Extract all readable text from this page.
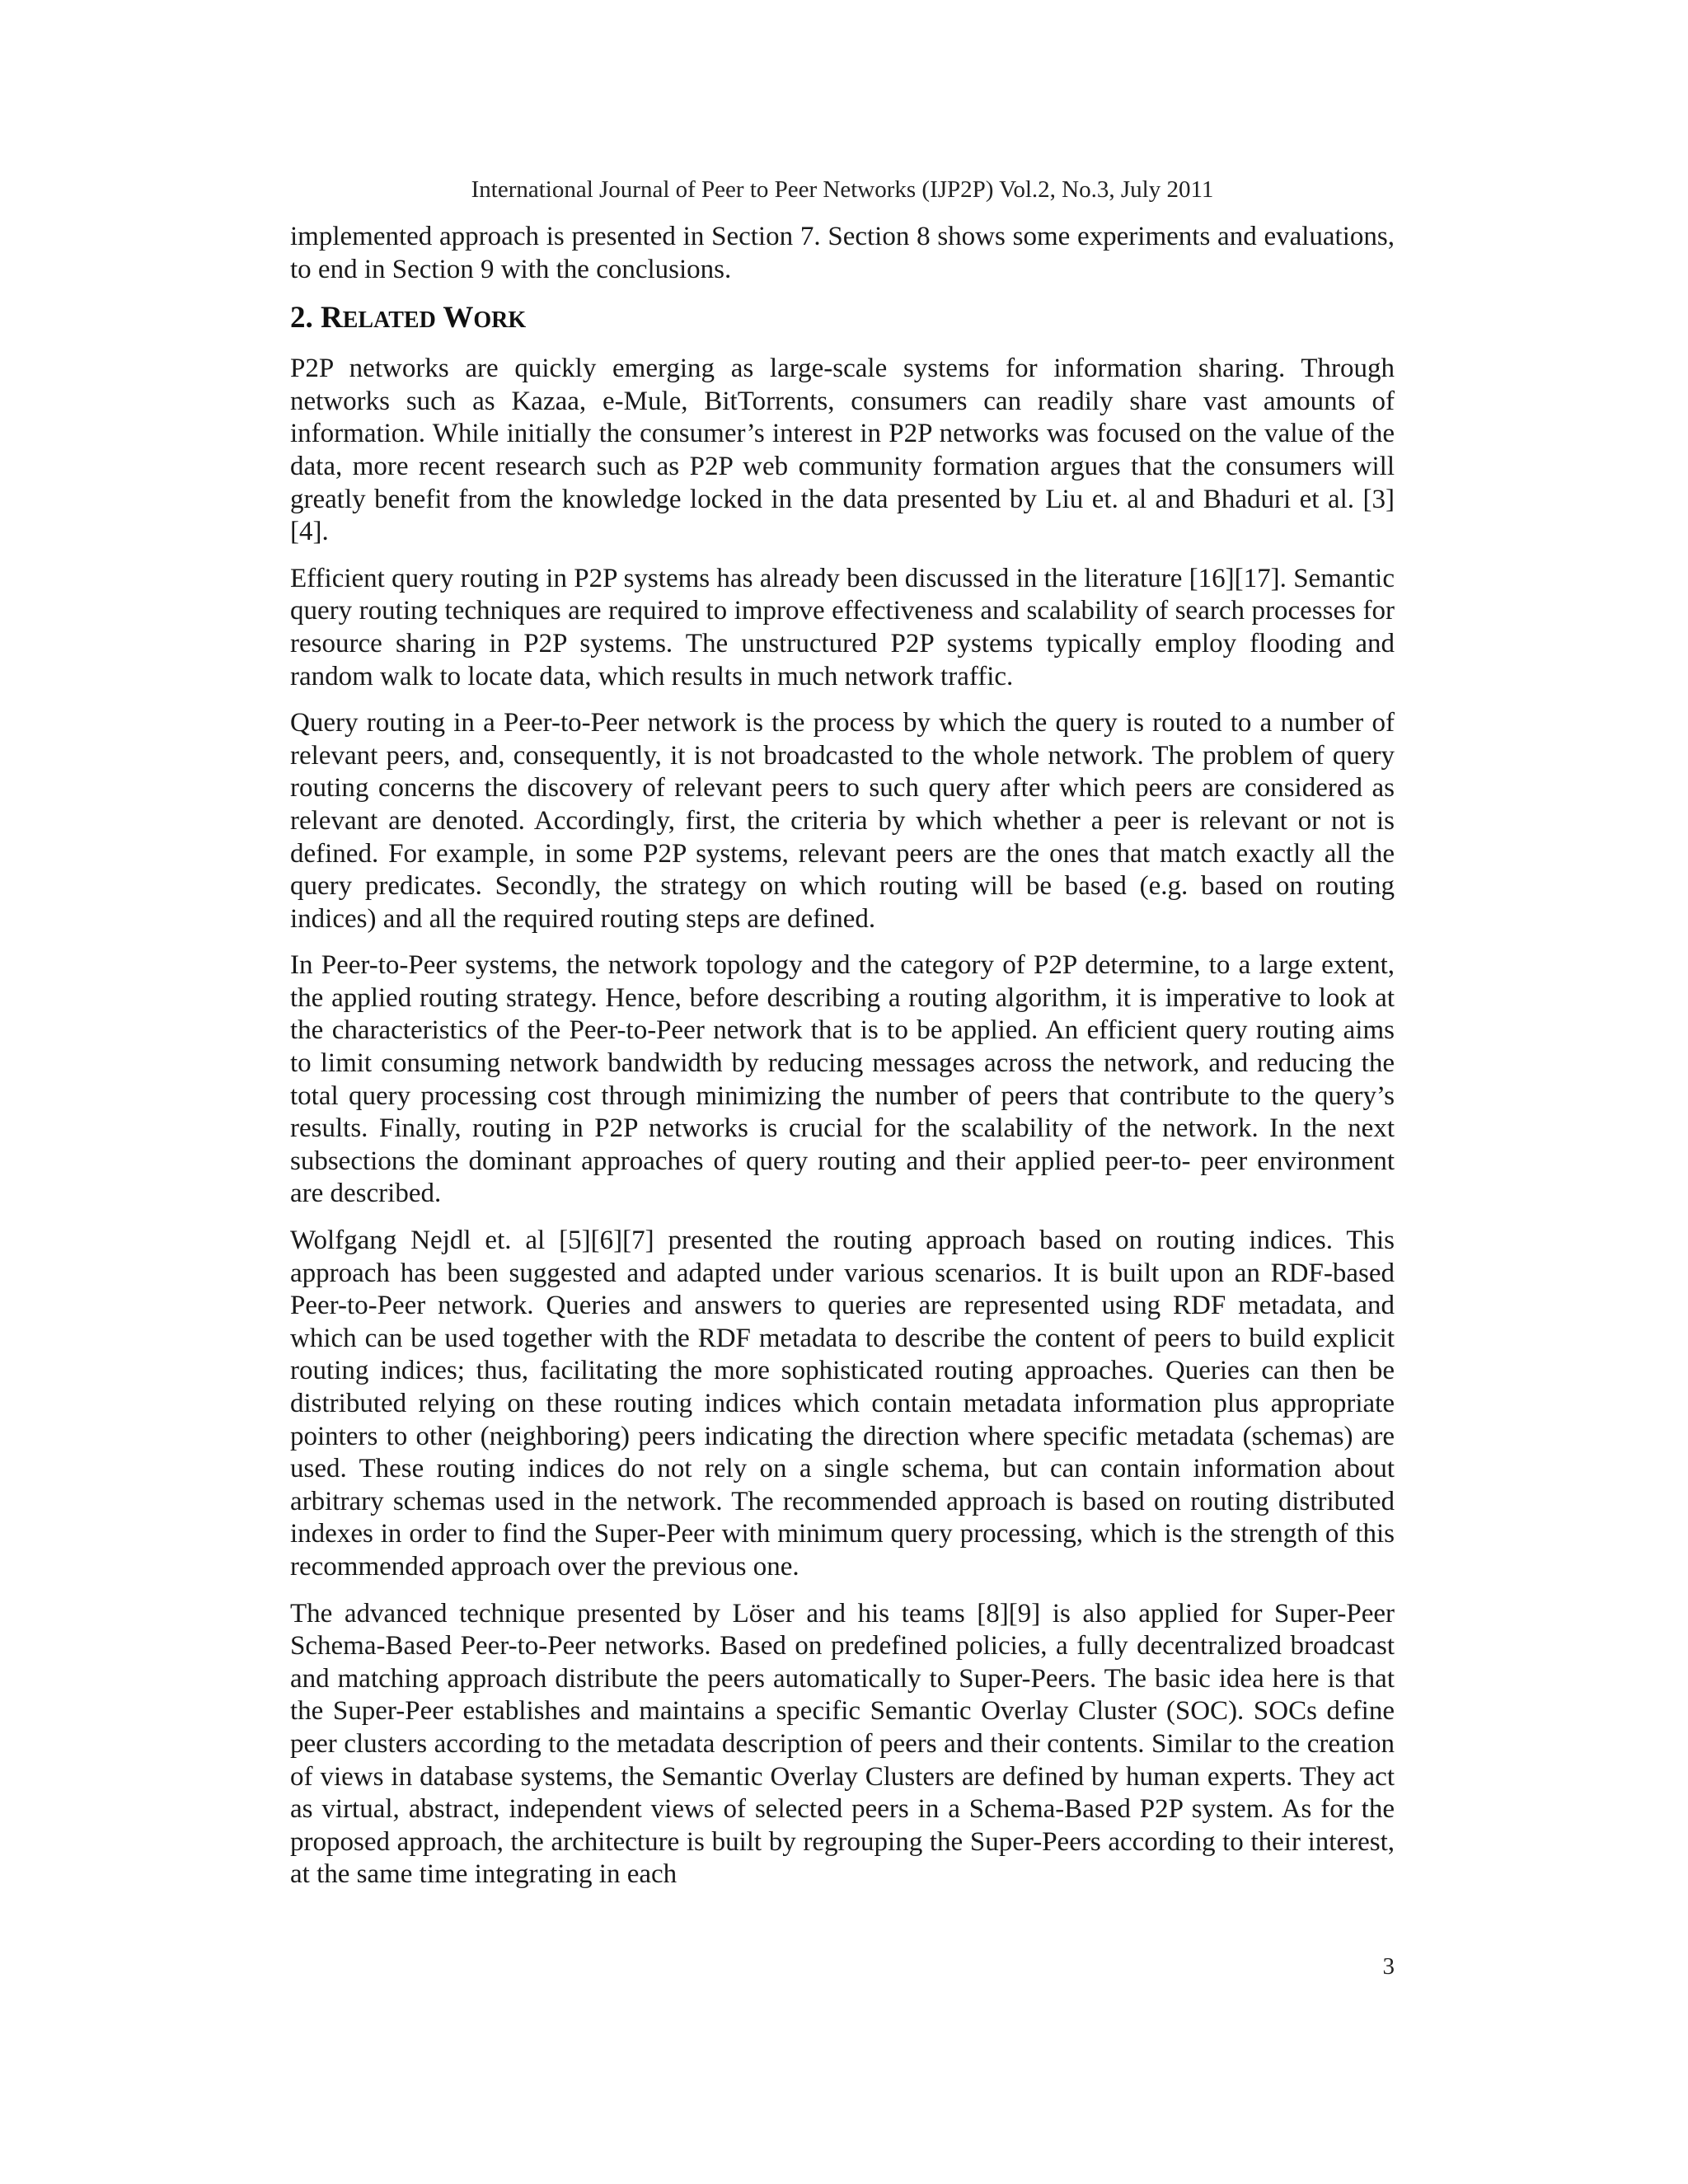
International Journal of Peer to Peer Networks (IJP2P) Vol.2, No.3, July 2011

implemented approach is presented in Section 7. Section 8 shows some experiments and evaluations, to end in Section 9 with the conclusions.

2. RELATED WORK

P2P networks are quickly emerging as large-scale systems for information sharing. Through networks such as Kazaa, e-Mule, BitTorrents, consumers can readily share vast amounts of information. While initially the consumer’s interest in P2P networks was focused on the value of the data, more recent research such as P2P web community formation argues that the consumers will greatly benefit from the knowledge locked in the data presented by Liu et. al and Bhaduri et al. [3][4].

Efficient query routing in P2P systems has already been discussed in the literature [16][17]. Semantic query routing techniques are required to improve effectiveness and scalability of search processes for resource sharing in P2P systems. The unstructured P2P systems typically employ flooding and random walk to locate data, which results in much network traffic.

Query routing in a Peer-to-Peer network is the process by which the query is routed to a number of relevant peers, and, consequently, it is not broadcasted to the whole network. The problem of query routing concerns the discovery of relevant peers to such query after which peers are considered as relevant are denoted. Accordingly, first, the criteria by which whether a peer is relevant or not is defined. For example, in some P2P systems, relevant peers are the ones that match exactly all the query predicates. Secondly, the strategy on which routing will be based (e.g. based on routing indices) and all the required routing steps are defined.

In Peer-to-Peer systems, the network topology and the category of P2P determine, to a large extent, the applied routing strategy. Hence, before describing a routing algorithm, it is imperative to look at the characteristics of the Peer-to-Peer network that is to be applied. An efficient query routing aims to limit consuming network bandwidth by reducing messages across the network, and reducing the total query processing cost through minimizing the number of peers that contribute to the query’s results. Finally, routing in P2P networks is crucial for the scalability of the network. In the next subsections the dominant approaches of query routing and their applied peer-to- peer environment are described.

Wolfgang Nejdl et. al [5][6][7] presented the routing approach based on routing indices. This approach has been suggested and adapted under various scenarios. It is built upon an RDF-based Peer-to-Peer network. Queries and answers to queries are represented using RDF metadata, and which can be used together with the RDF metadata to describe the content of peers to build explicit routing indices; thus, facilitating the more sophisticated routing approaches. Queries can then be distributed relying on these routing indices which contain metadata information plus appropriate pointers to other (neighboring) peers indicating the direction where specific metadata (schemas) are used. These routing indices do not rely on a single schema, but can contain information about arbitrary schemas used in the network. The recommended approach is based on routing distributed indexes in order to find the Super-Peer with minimum query processing, which is the strength of this recommended approach over the previous one.

The advanced technique presented by Löser and his teams [8][9] is also applied for Super-Peer Schema-Based Peer-to-Peer networks. Based on predefined policies, a fully decentralized broadcast and matching approach distribute the peers automatically to Super-Peers. The basic idea here is that the Super-Peer establishes and maintains a specific Semantic Overlay Cluster (SOC). SOCs define peer clusters according to the metadata description of peers and their contents. Similar to the creation of views in database systems, the Semantic Overlay Clusters are defined by human experts. They act as virtual, abstract, independent views of selected peers in a Schema-Based P2P system. As for the proposed approach, the architecture is built by regrouping the Super-Peers according to their interest, at the same time integrating in each

3
